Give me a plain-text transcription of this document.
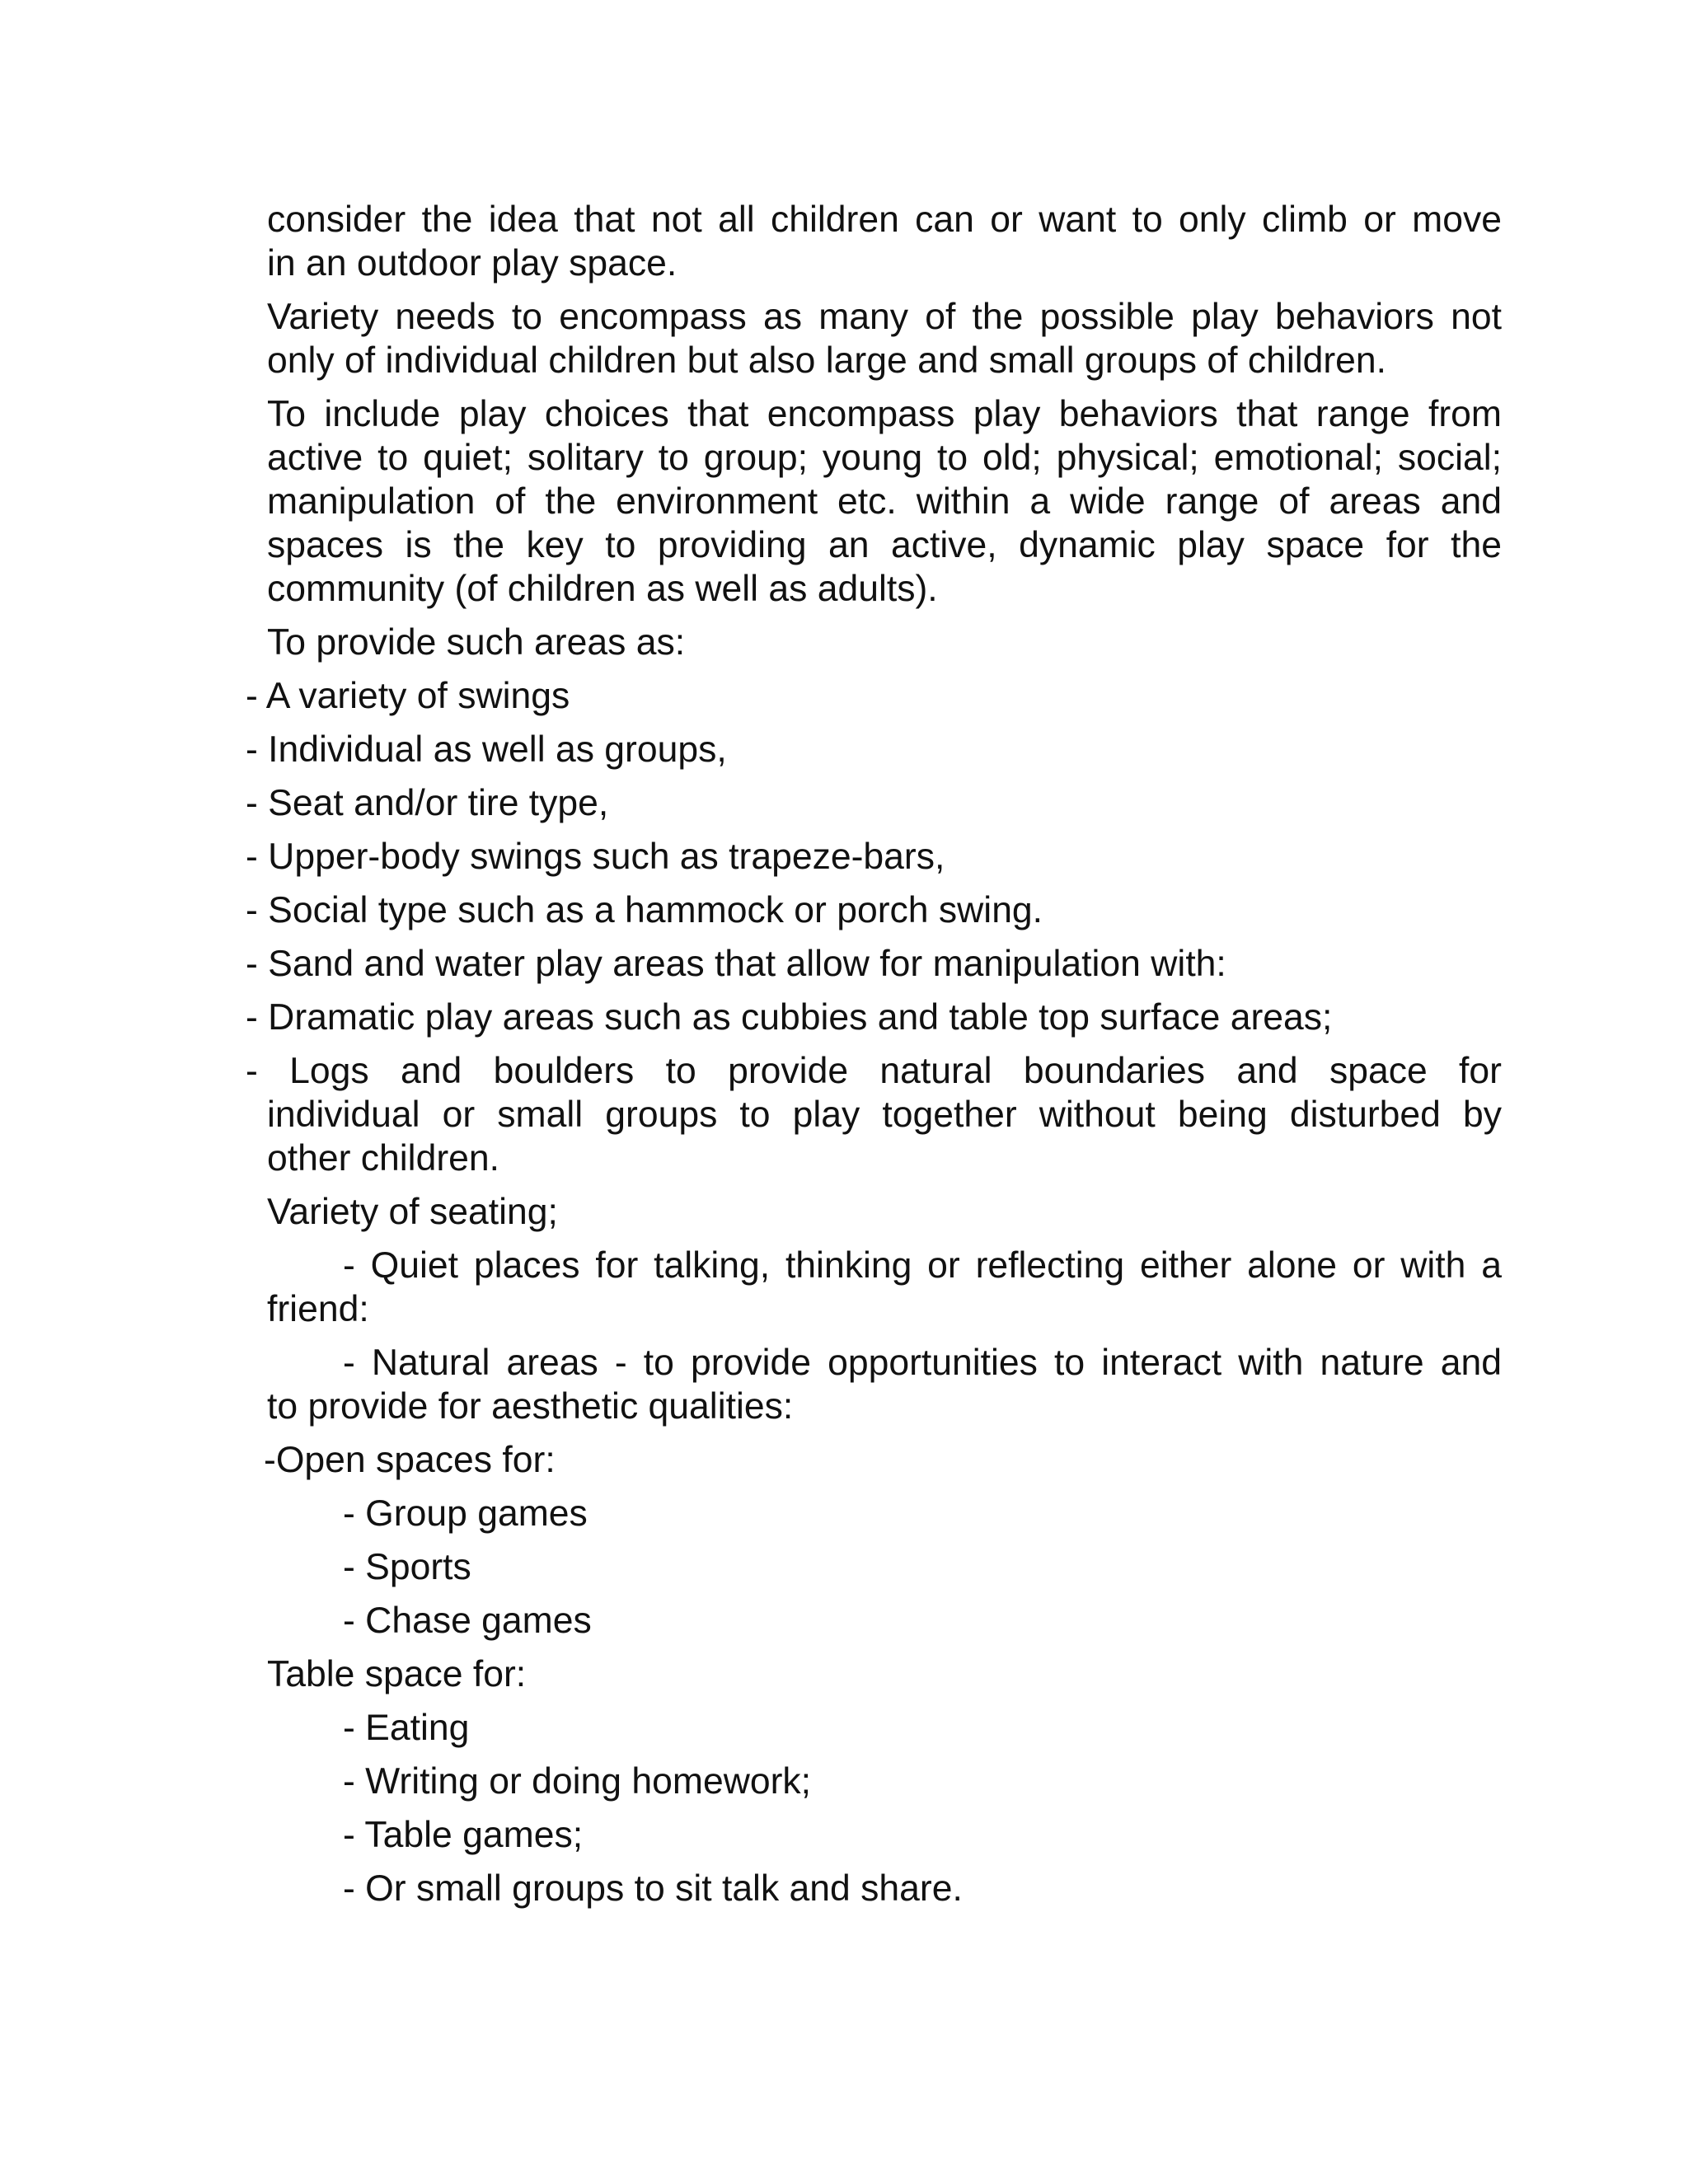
consider the idea that not all children can or want to only climb or move
in an outdoor play space.
Variety needs to encompass as many of the possible play behaviors not
only of individual children but also large and small groups of children.
To include play choices that encompass play behaviors that range from
active to quiet; solitary to group; young to old; physical; emotional; social;
manipulation of the environment etc. within a wide range of areas and
spaces is the key to providing an active, dynamic play space for the
community (of children as well as adults).
To provide such areas as:
- A variety of swings
- Individual as well as groups,
- Seat and/or tire type,
- Upper-body swings such as trapeze-bars,
- Social type such as a hammock or porch swing.
- Sand and water play areas that allow for manipulation with:
- Dramatic play areas such as cubbies and table top surface areas;
- Logs and boulders to provide natural boundaries and space for
individual or small groups to play together without being disturbed by
other children.
Variety of seating;
- Quiet places for talking, thinking or reflecting either alone or with a
friend:
- Natural areas - to provide opportunities to interact with nature and
to provide for aesthetic qualities:
-Open spaces for:
- Group games
- Sports
- Chase games
Table space for:
- Eating
- Writing or doing homework;
- Table games;
- Or small groups to sit talk and share.
